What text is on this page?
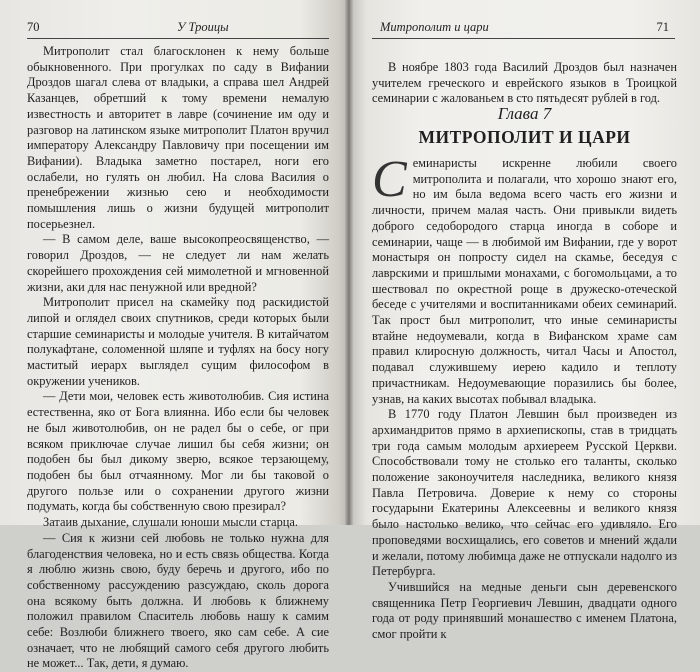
70	У Троицы

Митрополит стал благосклонен к нему больше обыкновенного. При прогулках по саду в Вифании Дроздов шагал слева от владыки, а справа шел Андрей Казанцев, обретший к тому времени немалую известность и авторитет в лавре (сочинение им оду и разговор на латинском языке митрополит Платон вручил императору Александру Павловичу при посещении им Вифании). Владыка заметно постарел, ноги его ослабели, но гулять он любил. На слова Василия о пренебрежении жизнью сею и необходимости помышления лишь о жизни будущей митрополит посерьезнел.

— В самом деле, ваше высокопреосвященство, — говорил Дроздов, — не следует ли нам желать скорейшего прохождения сей мимолетной и мгновенной жизни, аки для нас пенужной или вредной?

Митрополит присел на скамейку под раскидистой липой и оглядел своих спутников, среди которых были старшие семинаристы и молодые учителя. В китайчатом полукафтане, соломенной шляпе и туфлях на босу ногу маститый иерарх выглядел сущим философом в окружении учеников.

— Дети мои, человек есть животолюбив. Сия истина естественна, яко от Бога влиянна. Ибо если бы человек не был животолюбив, он не радел бы о себе, ог при всяком приключае случае лишил бы себя жизни; он подобен бы был дикому зверю, всякое терзающему, подобен бы был отчаянному. Мог ли бы таковой о другого пользе или о сохранении другого жизни подумать, когда бы собственную свою презирал?

Затаив дыхание, слушали юноши мысли старца.

— Сия к жизни сей любовь не только нужна для благоденствия человека, но и есть связь общества. Когда я люблю жизнь свою, буду беречь и другого, ибо по собственному рассуждению разсуждаю, сколь дорога она всякому быть должна. И любовь к ближнему положил правилом Спаситель любовь нашу к самим себе: Возлюби ближнего твоего, яко сам себе. А сие означает, что не любящий самого себя другого любить не может... Так, дети, я думаю.

Митрополит и цари	71

В ноябре 1803 года Василий Дроздов был назначен учителем греческого и еврейского языков в Троицкой семинарии с жалованьем в сто пятьдесят рублей в год.

Глава 7
МИТРОПОЛИТ И ЦАРИ

Семинаристы искренне любили своего митрополита и полагали, что хорошо знают его, но им была ведома всего часть его жизни и личности, причем малая часть. Они привыкли видеть доброго седобородого старца иногда в соборе и семинарии, чаще — в любимой им Вифании, где у ворот монастыря он попросту сидел на скамье, беседуя с лаврскими и пришлыми монахами, с богомольцами, а то шествовал по окрестной роще в дружеско-отеческой беседе с учителями и воспитанниками обеих семинарий. Так прост был митрополит, что иные семинаристы втайне недоумевали, когда в Вифанском храме сам правил клиросную должность, читал Часы и Апостол, подавал служившему иерею кадило и теплоту причастникам. Недоумевающие поразились бы более, узнав, на каких высотах побывал владыка.

В 1770 году Платон Левшин был произведен из архимандритов прямо в архиепископы, став в тридцать три года самым молодым архиереем Русской Церкви. Способствовали тому не столько его таланты, сколько положение законоучителя наследника, великого князя Павла Петровича. Доверие к нему со стороны государыни Екатерины Алексеевны и великого князя было настолько велико, что сейчас его удивляло. Его проповедями восхищались, его советов и мнений ждали и желали, потому любимца даже не отпускали надолго из Петербурга.

Учившийся на медные деньги сын деревенского священника Петр Георгиевич Левшин, двадцати одного года от роду принявший монашество с именем Платона, смог пройти к
